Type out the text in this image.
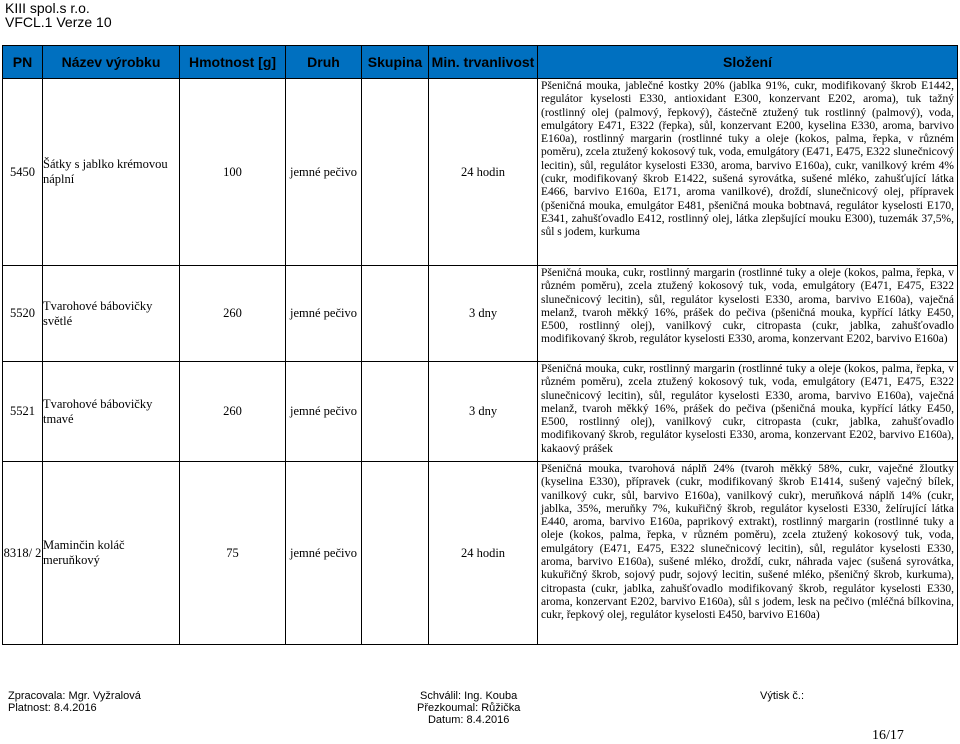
KIII spol.s r.o.
VFCL.1 Verze 10
PN	Název výrobku	Hmotnost [g]	Druh	Skupina	Min. trvanlivost	Složení
5450	Šátky s jablko krémovou náplní	100	jemné pečivo		24 hodin	Pšeničná mouka, jablečné kostky 20% (jablka 91%, cukr, modifikovaný škrob E1442, regulátor kyselosti E330, antioxidant E300, konzervant E202, aroma), tuk tažný (rostlinný olej (palmový, řepkový), částečně ztužený tuk rostlinný (palmový), voda, emulgátory E471, E322 (řepka), sůl, konzervant E200, kyselina E330, aroma, barvivo E160a), rostlinný margarin (rostlinné tuky a oleje (kokos, palma, řepka, v různém poměru), zcela ztužený kokosový tuk, voda, emulgátory (E471, E475, E322 slunečnicový lecitin), sůl, regulátor kyselosti E330, aroma, barvivo E160a), cukr, vanilkový krém 4% (cukr, modifikovaný škrob E1422, sušená syrovátka, sušené mléko, zahušťující látka E466, barvivo E160a, E171, aroma vanilkové), droždí, slunečnicový olej, přípravek (pšeničná mouka, emulgátor E481, pšeničná mouka bobtnavá, regulátor kyselosti E170, E341, zahušťovadlo E412, rostlinný olej, látka zlepšující mouku E300), tuzemák 37,5%, sůl s jodem, kurkuma

5520	Tvarohové bábovičky světlé	260	jemné pečivo		3 dny	Pšeničná mouka, cukr, rostlinný margarin (rostlinné tuky a oleje (kokos, palma, řepka, v různém poměru), zcela ztužený kokosový tuk, voda, emulgátory (E471, E475, E322 slunečnicový lecitin), sůl, regulátor kyselosti E330, aroma, barvivo E160a), vaječná melanž, tvaroh měkký 16%, prášek do pečiva (pšeničná mouka, kypřící látky E450, E500, rostlinný olej), vanilkový cukr, citropasta (cukr, jablka, zahušťovadlo modifikovaný škrob, regulátor kyselosti E330, aroma, konzervant E202, barvivo E160a)

5521	Tvarohové bábovičky tmavé	260	jemné pečivo		3 dny	Pšeničná mouka, cukr, rostlinný margarin (rostlinné tuky a oleje (kokos, palma, řepka, v různém poměru), zcela ztužený kokosový tuk, voda, emulgátory (E471, E475, E322 slunečnicový lecitin), sůl, regulátor kyselosti E330, aroma, barvivo E160a), vaječná melanž, tvaroh měkký 16%, prášek do pečiva (pšeničná mouka, kypřící látky E450, E500, rostlinný olej), vanilkový cukr, citropasta (cukr, jablka, zahušťovadlo modifikovaný škrob, regulátor kyselosti E330, aroma, konzervant E202, barvivo E160a), kakaový prášek

8318/ 2	Maminčin koláč meruňkový	75	jemné pečivo		24 hodin	Pšeničná mouka, tvarohová náplň 24% (tvaroh měkký 58%, cukr, vaječné žloutky (kyselina E330), přípravek (cukr, modifikovaný škrob E1414, sušený vaječný bílek, vanilkový cukr, sůl, barvivo E160a), vanilkový cukr), meruňková náplň 14% (cukr, jablka, 35%, meruňky 7%, kukuřičný škrob, regulátor kyselosti E330, želírující látka E440, aroma, barvivo E160a, paprikový extrakt), rostlinný margarin (rostlinné tuky a oleje (kokos, palma, řepka, v různém poměru), zcela ztužený kokosový tuk, voda, emulgátory (E471, E475, E322 slunečnicový lecitin), sůl, regulátor kyselosti E330, aroma, barvivo E160a), sušené mléko, droždí, cukr, náhrada vajec (sušená syrovátka, kukuřičný škrob, sojový pudr, sojový lecitin, sušené mléko, pšeničný škrob, kurkuma), citropasta (cukr, jablka, zahušťovadlo modifikovaný škrob, regulátor kyselosti E330, aroma, konzervant E202, barvivo E160a), sůl s jodem, lesk na pečivo (mléčná bílkovina, cukr, řepkový olej, regulátor kyselosti E450, barvivo E160a)
Zpracovala: Mgr. Vyžralová
Platnost: 8.4.2016
Schválil: Ing. Kouba
Přezkoumal: Růžička
Datum: 8.4.2016
Výtisk č.:
16/17
